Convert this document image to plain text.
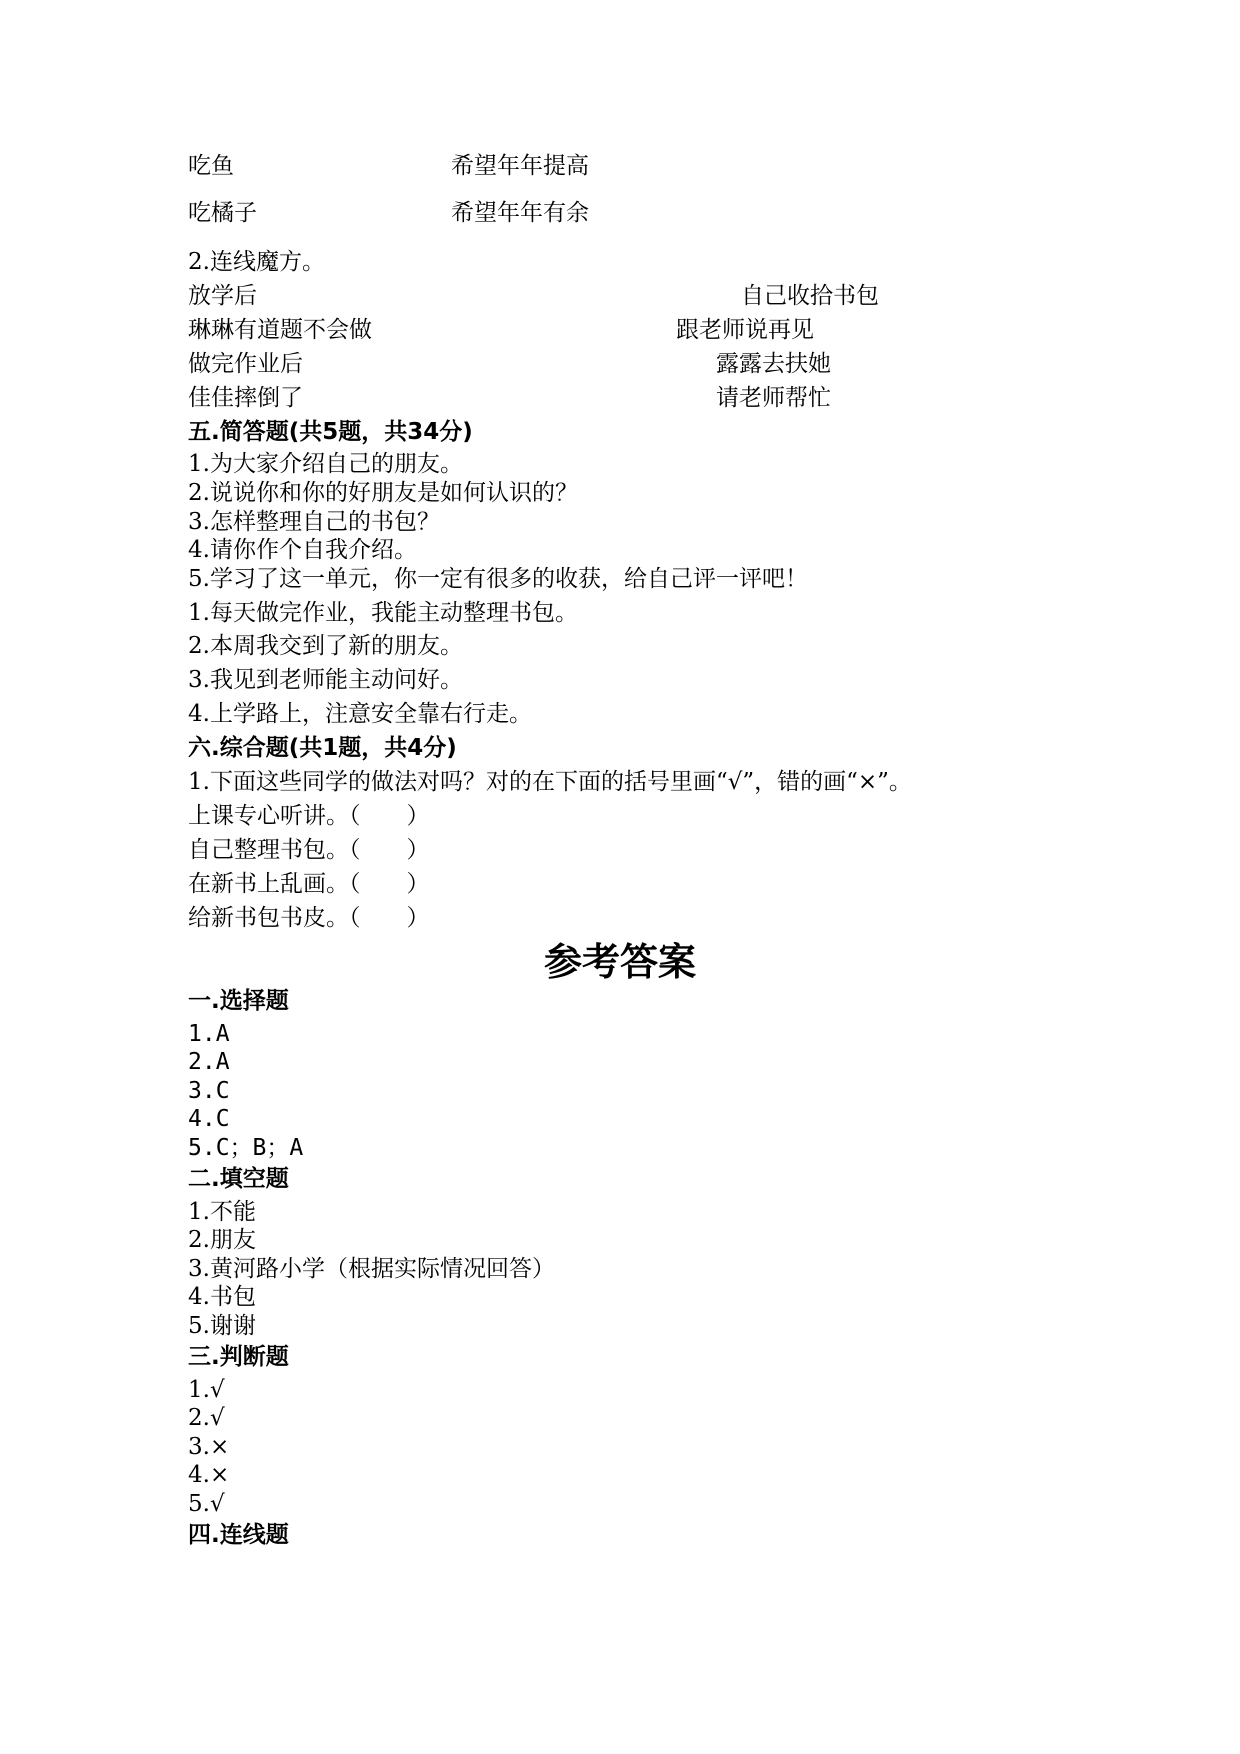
吃鱼	希望年年提高
吃橘子	希望年年有余
2.连线魔方。
放学后	自己收拾书包
琳琳有道题不会做	跟老师说再见
做完作业后	露露去扶她
佳佳摔倒了	请老师帮忙
五.简答题(共5题，共34分)
1.为大家介绍自己的朋友。
2.说说你和你的好朋友是如何认识的？
3.怎样整理自己的书包？
4.请你作个自我介绍。
5.学习了这一单元，你一定有很多的收获，给自己评一评吧！
1.每天做完作业，我能主动整理书包。
2.本周我交到了新的朋友。
3.我见到老师能主动问好。
4.上学路上，注意安全靠右行走。
六.综合题(共1题，共4分)
1.下面这些同学的做法对吗？对的在下面的括号里画“√”，错的画“×”。
上课专心听讲。（　　）
自己整理书包。（　　）
在新书上乱画。（　　）
给新书包书皮。（　　）
参考答案
一.选择题
1.A
2.A
3.C
4.C
5.C；B；A
二.填空题
1.不能
2.朋友
3.黄河路小学（根据实际情况回答）
4.书包
5.谢谢
三.判断题
1.√
2.√
3.×
4.×
5.√
四.连线题
